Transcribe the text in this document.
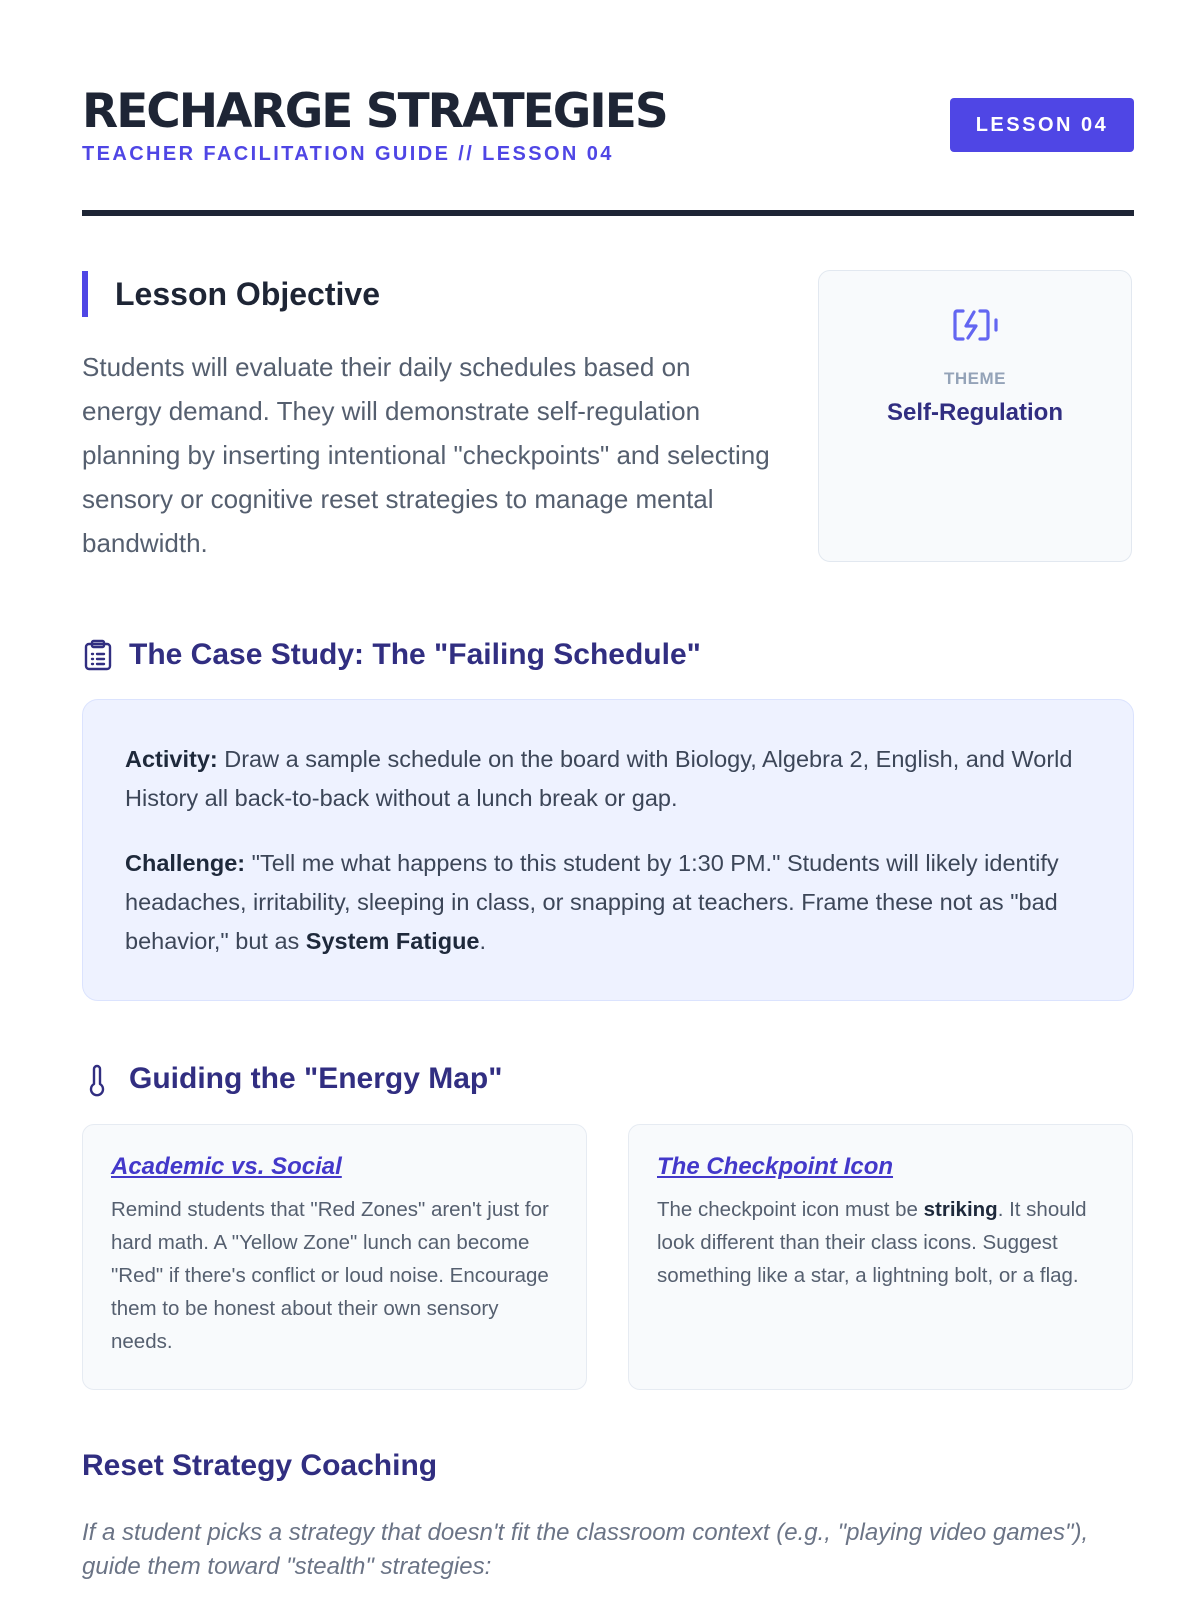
RECHARGE STRATEGIES
TEACHER FACILITATION GUIDE // LESSON 04
LESSON 04
Lesson Objective

Students will evaluate their daily schedules based on energy demand. They will demonstrate self-regulation planning by inserting intentional "checkpoints" and selecting sensory or cognitive reset strategies to manage mental bandwidth.

THEME
Self-Regulation
The Case Study: The "Failing Schedule"

Activity: Draw a sample schedule on the board with Biology, Algebra 2, English, and World History all back-to-back without a lunch break or gap.

Challenge: "Tell me what happens to this student by 1:30 PM." Students will likely identify headaches, irritability, sleeping in class, or snapping at teachers. Frame these not as "bad behavior," but as System Fatigue.

Guiding the "Energy Map"
Academic vs. Social

Remind students that "Red Zones" aren't just for hard math. A "Yellow Zone" lunch can become "Red" if there's conflict or loud noise. Encourage them to be honest about their own sensory needs.

The Checkpoint Icon

The checkpoint icon must be striking. It should look different than their class icons. Suggest something like a star, a lightning bolt, or a flag.

Reset Strategy Coaching

If a student picks a strategy that doesn't fit the classroom context (e.g., "playing video games"), guide them toward "stealth" strategies:
